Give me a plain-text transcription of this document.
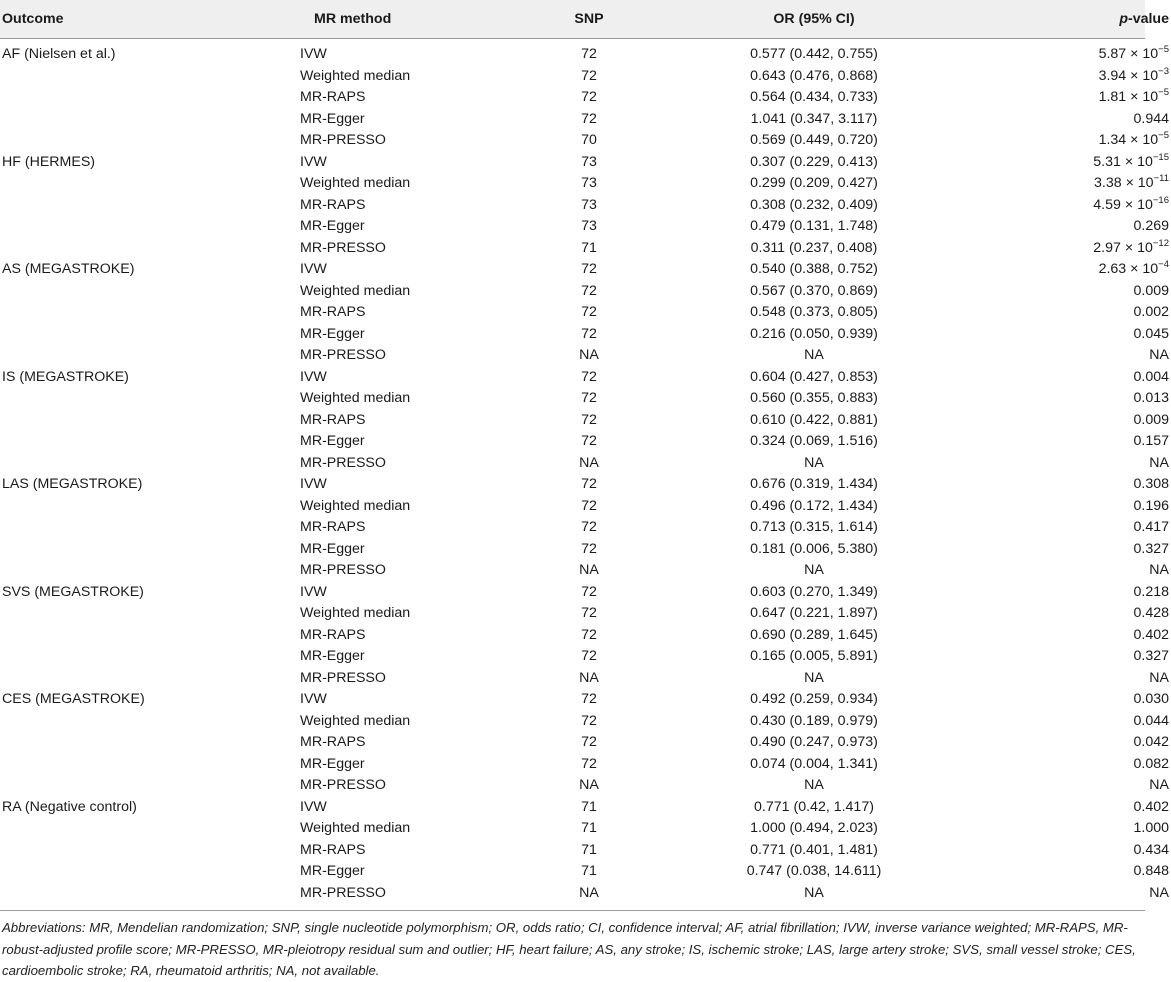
Outcome	MR method	SNP	OR (95% CI)	p-value
AF (Nielsen et al.)	IVW	72	0.577 (0.442, 0.755)	$5.87 \times 10^{-5}$
	Weighted median	72	0.643 (0.476, 0.868)	$3.94 \times 10^{-3}$
	MR-RAPS	72	0.564 (0.434, 0.733)	$1.81 \times 10^{-5}$
	MR-Egger	72	1.041 (0.347, 3.117)	0.944
	MR-PRESSO	70	0.569 (0.449, 0.720)	$1.34 \times 10^{-5}$
HF (HERMES)	IVW	73	0.307 (0.229, 0.413)	$5.31 \times 10^{-15}$
	Weighted median	73	0.299 (0.209, 0.427)	$3.38 \times 10^{-11}$
	MR-RAPS	73	0.308 (0.232, 0.409)	$4.59 \times 10^{-16}$
	MR-Egger	73	0.479 (0.131, 1.748)	0.269
	MR-PRESSO	71	0.311 (0.237, 0.408)	$2.97 \times 10^{-12}$
AS (MEGASTROKE)	IVW	72	0.540 (0.388, 0.752)	$2.63 \times 10^{-4}$
	Weighted median	72	0.567 (0.370, 0.869)	0.009
	MR-RAPS	72	0.548 (0.373, 0.805)	0.002
	MR-Egger	72	0.216 (0.050, 0.939)	0.045
	MR-PRESSO	NA	NA	NA
IS (MEGASTROKE)	IVW	72	0.604 (0.427, 0.853)	0.004
	Weighted median	72	0.560 (0.355, 0.883)	0.013
	MR-RAPS	72	0.610 (0.422, 0.881)	0.009
	MR-Egger	72	0.324 (0.069, 1.516)	0.157
	MR-PRESSO	NA	NA	NA
LAS (MEGASTROKE)	IVW	72	0.676 (0.319, 1.434)	0.308
	Weighted median	72	0.496 (0.172, 1.434)	0.196
	MR-RAPS	72	0.713 (0.315, 1.614)	0.417
	MR-Egger	72	0.181 (0.006, 5.380)	0.327
	MR-PRESSO	NA	NA	NA
SVS (MEGASTROKE)	IVW	72	0.603 (0.270, 1.349)	0.218
	Weighted median	72	0.647 (0.221, 1.897)	0.428
	MR-RAPS	72	0.690 (0.289, 1.645)	0.402
	MR-Egger	72	0.165 (0.005, 5.891)	0.327
	MR-PRESSO	NA	NA	NA
CES (MEGASTROKE)	IVW	72	0.492 (0.259, 0.934)	0.030
	Weighted median	72	0.430 (0.189, 0.979)	0.044
	MR-RAPS	72	0.490 (0.247, 0.973)	0.042
	MR-Egger	72	0.074 (0.004, 1.341)	0.082
	MR-PRESSO	NA	NA	NA
RA (Negative control)	IVW	71	0.771 (0.42, 1.417)	0.402
	Weighted median	71	1.000 (0.494, 2.023)	1.000
	MR-RAPS	71	0.771 (0.401, 1.481)	0.434
	MR-Egger	71	0.747 (0.038, 14.611)	0.848
	MR-PRESSO	NA	NA	NA
Abbreviations: MR, Mendelian randomization; SNP, single nucleotide polymorphism; OR, odds ratio; CI, confidence interval; AF, atrial fibrillation; IVW, inverse variance weighted; MR-RAPS, MR-robust-adjusted profile score; MR-PRESSO, MR-pleiotropy residual sum and outlier; HF, heart failure; AS, any stroke; IS, ischemic stroke; LAS, large artery stroke; SVS, small vessel stroke; CES, cardioembolic stroke; RA, rheumatoid arthritis; NA, not available.
